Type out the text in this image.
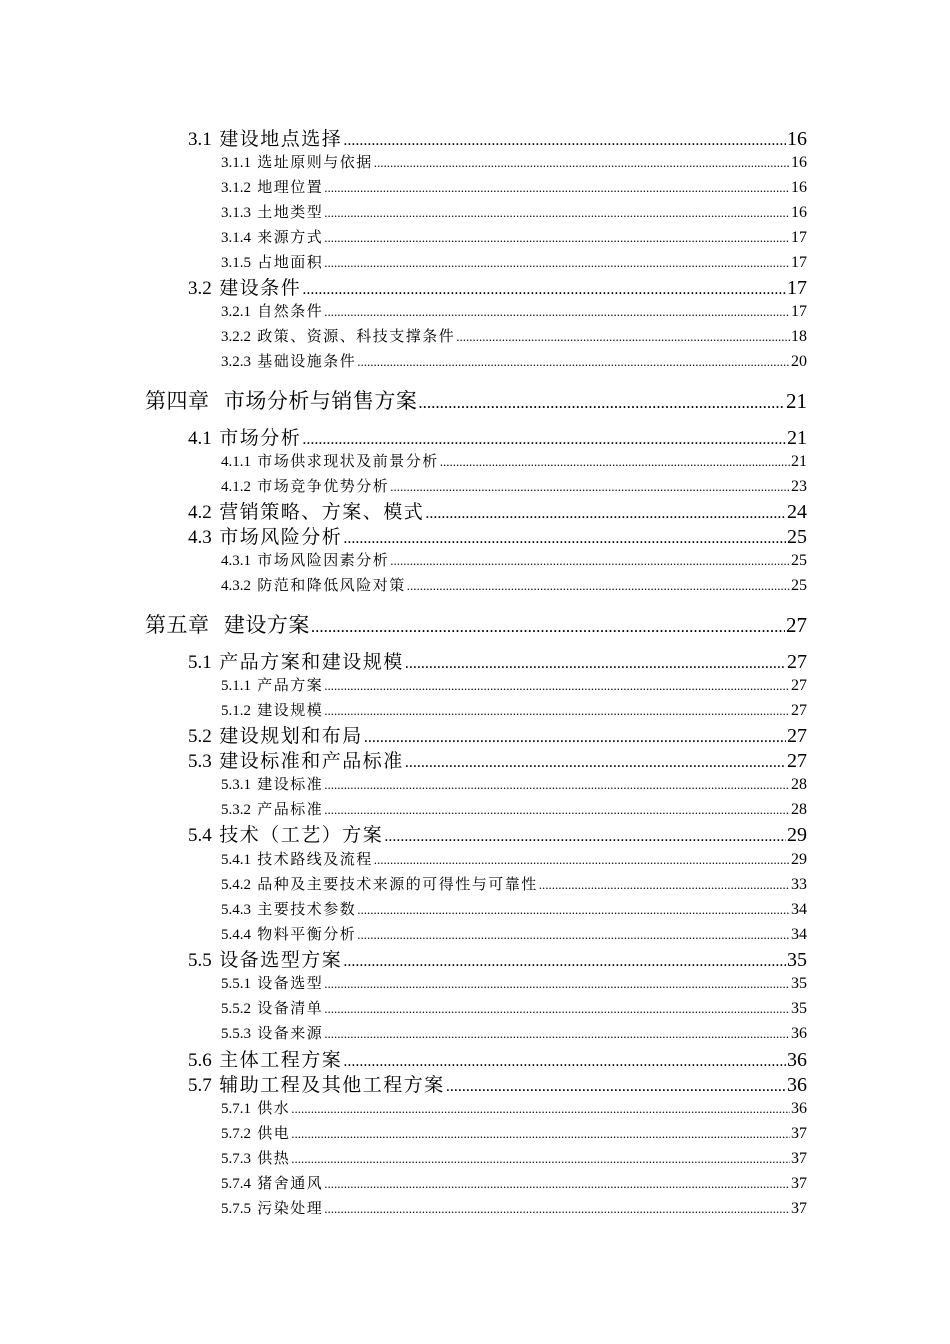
3.1 建设地点选择 .....	16
3.1.1 选址原则与依据 .....	16
3.1.2 地理位置 .....	16
3.1.3 土地类型 .....	16
3.1.4 来源方式 .....	17
3.1.5 占地面积 .....	17
3.2 建设条件 .....	17
3.2.1 自然条件 .....	17
3.2.2 政策、资源、科技支撑条件 .....	18
3.2.3 基础设施条件 .....	20
第四章 市场分析与销售方案 .....	21
4.1 市场分析 .....	21
4.1.1 市场供求现状及前景分析 .....	21
4.1.2 市场竞争优势分析 .....	23
4.2 营销策略、方案、模式 .....	24
4.3 市场风险分析 .....	25
4.3.1 市场风险因素分析 .....	25
4.3.2 防范和降低风险对策 .....	25
第五章 建设方案 .....	27
5.1 产品方案和建设规模 .....	27
5.1.1 产品方案 .....	27
5.1.2 建设规模 .....	27
5.2 建设规划和布局 .....	27
5.3 建设标准和产品标准 .....	27
5.3.1 建设标准 .....	28
5.3.2 产品标准 .....	28
5.4 技术（工艺）方案 .....	29
5.4.1 技术路线及流程 .....	29
5.4.2 品种及主要技术来源的可得性与可靠性 .....	33
5.4.3 主要技术参数 .....	34
5.4.4 物料平衡分析 .....	34
5.5 设备选型方案 .....	35
5.5.1 设备选型 .....	35
5.5.2 设备清单 .....	35
5.5.3 设备来源 .....	36
5.6 主体工程方案 .....	36
5.7 辅助工程及其他工程方案 .....	36
5.7.1 供水 .....	36
5.7.2 供电 .....	37
5.7.3 供热 .....	37
5.7.4 猪舍通风 .....	37
5.7.5 污染处理 .....	37
